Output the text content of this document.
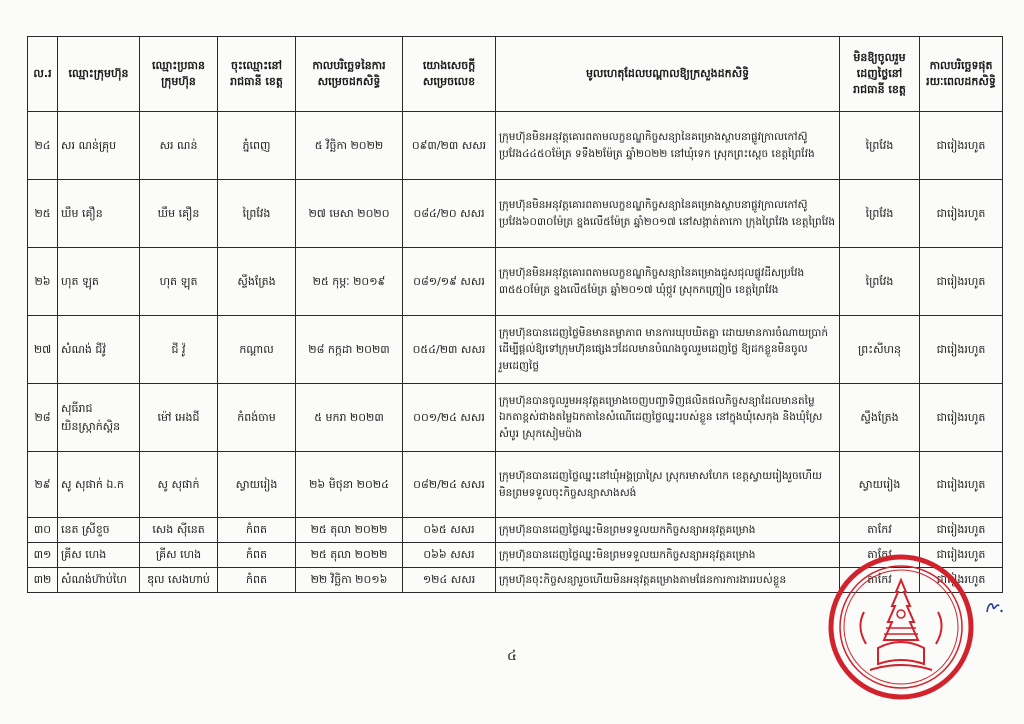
ល.រ	ឈ្មោះក្រុមហ៊ុន	ឈ្មោះប្រធាន ក្រុមហ៊ុន	ចុះឈ្មោះនៅ រាជធានី ខេត្ត	កាលបរិច្ឆេទនៃការ សម្រេចដកសិទ្ធិ	យោងសេចក្ដី សម្រេចលេខ	មូលហេតុដែលបណ្ដាលឱ្យក្រសួងដកសិទ្ធិ	មិនឱ្យចូលរួម ដេញថ្លៃនៅ រាជធានី ខេត្ត	កាលបរិច្ឆេទផុត រយៈពេលដកសិទ្ធិ
២៤	សរ ណន់គ្រុប	សរ ណន់	ភ្នំពេញ	៥ វិច្ឆិកា ២០២២	០៩៣/២៣ សសរ	ក្រុមហ៊ុនមិនអនុវត្តគោរពតាមលក្ខខណ្ឌកិច្ចសន្យានៃគម្រោងស្ថាបនាផ្លូវក្រាលកៅស៊ូ ប្រវែង៤៤៥០ម៉ែត្រ ទទឹង២ម៉ែត្រ ឆ្នាំ២០២២ នៅឃុំទេក ស្រុកព្រះស្ដេច ខេត្តព្រៃវែង	ព្រៃវែង	ជារៀងរហូត
២៥	ឃឹម គឿន	ឃឹម គឿន	ព្រៃវែង	២៧ មេសា ២០២០	០៨៤/២០ សសរ	ក្រុមហ៊ុនមិនអនុវត្តគោរពតាមលក្ខខណ្ឌកិច្ចសន្យានៃគម្រោងស្ថាបនាផ្លូវក្រាលកៅស៊ូ ប្រវែង៦០៣០ម៉ែត្រ ខ្នងលើ៥ម៉ែត្រ ឆ្នាំ២០១៧ នៅសង្កាត់តាកោ ក្រុងព្រៃវែង ខេត្តព្រៃវែង	ព្រៃវែង	ជារៀងរហូត
២៦	ហុត ឡុត	ហុត ឡុត	ស្ទឹងត្រែង	២៥ កុម្ភៈ ២០១៩	០៨១/១៩ សសរ	ក្រុមហ៊ុនមិនអនុវត្តគោរពតាមលក្ខខណ្ឌកិច្ចសន្យានៃគម្រោងជួសជុលផ្លូវដីសប្រវែង ៣៥៥០ម៉ែត្រ ខ្នងលើ៥ម៉ែត្រ ឆ្នាំ២០១៧ ឃុំថ្កូវ ស្រុកកញ្ជ្រៀច ខេត្តព្រៃវែង	ព្រៃវែង	ជារៀងរហូត
២៧	សំណង់ ជីវ៉ូ	ជី វ៉ូ	កណ្ដាល	២៨ កក្កដា ២០២៣	០៥៤/២៣ សសរ	ក្រុមហ៊ុនបានដេញថ្លៃមិនមានតម្លាភាព មានការឃុបឃិតគ្នា ដោយមានការចំណាយប្រាក់ដើម្បីផ្ដល់ឱ្យទៅក្រុមហ៊ុនផ្សេងៗដែលមានបំណងចូលរួមដេញថ្លៃ ឱ្យដកខ្លួនមិនចូលរួមដេញថ្លៃ	ព្រះសីហនុ	ជារៀងរហូត
២៨	សុធីរាជ យិនស្រ្កាក់ស្តិន	ម៉ៅ អេងជី	កំពង់ចាម	៥ មករា ២០២៣	០០១/២៤ សសរ	ក្រុមហ៊ុនបានចូលរួមអនុវត្តគម្រោងចេញបញ្ជាទិញផលិតផលកិច្ចសន្យាដែលមានតម្លៃឯកតាខ្ពស់ជាងតម្លៃឯកតានៃសំណើដេញថ្លៃឈ្នះរបស់ខ្លួន នៅក្នុងឃុំសេកុង និងឃុំស្រែសំបូរ ស្រុកសៀមប៉ាង	ស្ទឹងត្រែង	ជារៀងរហូត
២៩	សូ សុផាក់ ឯ.ក	សូ សុផាក់	ស្វាយរៀង	២៦ មិថុនា ២០២៤	០៨២/២៤ សសរ	ក្រុមហ៊ុនបានដេញថ្លៃឈ្នះនៅឃុំអង្គប្រាស្រៃ ស្រុករមាសហែក ខេត្តស្វាយរៀងរួចហើយ មិនព្រមទទួលចុះកិច្ចសន្យាសាងសង់	ស្វាយរៀង	ជារៀងរហូត
៣០	នេត ស្រីខួច	សេង ស៊ីនេត	កំពត	២៥ តុលា ២០២២	០៦៥ សសរ	ក្រុមហ៊ុនបានដេញថ្លៃឈ្នះមិនព្រមទទួលយកកិច្ចសន្យាអនុវត្តគម្រោង	តាកែវ	ជារៀងរហូត
៣១	គ្រីស ហេង	គ្រីស ហេង	កំពត	២៥ តុលា ២០២២	០៦៦ សសរ	ក្រុមហ៊ុនបានដេញថ្លៃឈ្នះមិនព្រមទទួលយកកិច្ចសន្យាអនុវត្តគម្រោង	តាកែវ	ជារៀងរហូត
៣២	សំណង់ហ៊ាប់ហៃ	ឌុល សេងហាប់	កំពត	២២ វិច្ឆិកា ២០១៦	១២៤ សសរ	ក្រុមហ៊ុនចុះកិច្ចសន្យារួចហើយមិនអនុវត្តគម្រោងតាមផែនការការងាររបស់ខ្លួន	តាកែវ	ជារៀងរហូត
៤
